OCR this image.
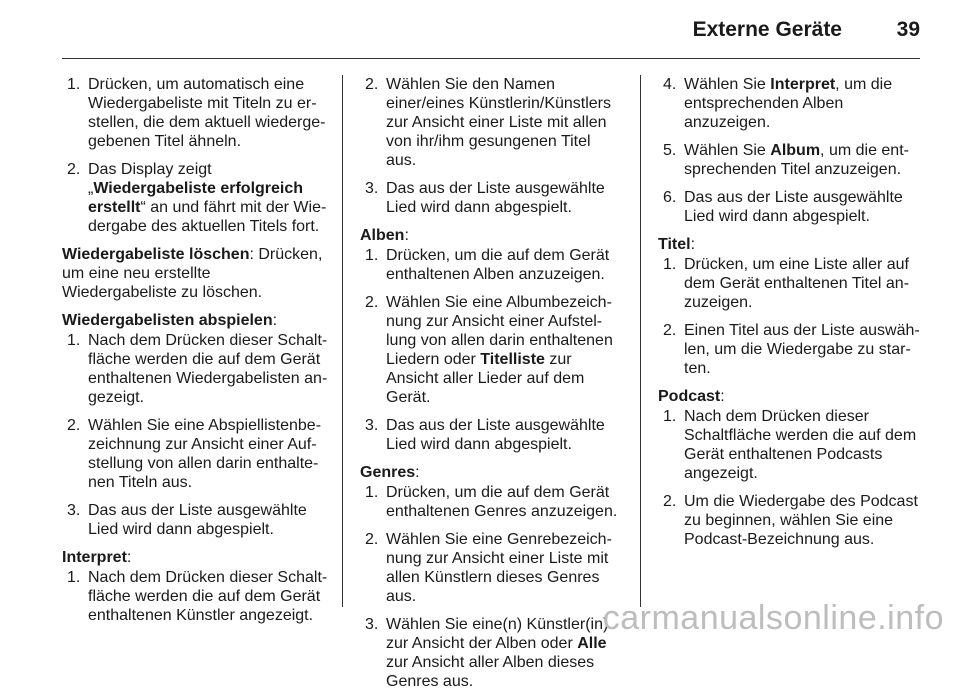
Externe Geräte	39
1. Drücken, um automatisch eine Wiedergabeliste mit Titeln zu erstellen, die dem aktuell wiedergegebenen Titel ähneln.
2. Das Display zeigt „Wiedergabeliste erfolgreich erstellt“ an und fährt mit der Wiedergabe des aktuellen Titels fort.
Wiedergabeliste löschen: Drücken, um eine neu erstellte Wiedergabeliste zu löschen.
Wiedergabelisten abspielen:
1. Nach dem Drücken dieser Schaltfläche werden die auf dem Gerät enthaltenen Wiedergabelisten angezeigt.
2. Wählen Sie eine Abspiellistenbezeichnung zur Ansicht einer Aufstellung von allen darin enthaltenen Titeln aus.
3. Das aus der Liste ausgewählte Lied wird dann abgespielt.
Interpret:
1. Nach dem Drücken dieser Schaltfläche werden die auf dem Gerät enthaltenen Künstler angezeigt.
2. Wählen Sie den Namen einer/eines Künstlerin/Künstlers zur Ansicht einer Liste mit allen von ihr/ihm gesungenen Titel aus.
3. Das aus der Liste ausgewählte Lied wird dann abgespielt.
Alben:
1. Drücken, um die auf dem Gerät enthaltenen Alben anzuzeigen.
2. Wählen Sie eine Albumbezeichnung zur Ansicht einer Aufstellung von allen darin enthaltenen Liedern oder Titelliste zur Ansicht aller Lieder auf dem Gerät.
3. Das aus der Liste ausgewählte Lied wird dann abgespielt.
Genres:
1. Drücken, um die auf dem Gerät enthaltenen Genres anzuzeigen.
2. Wählen Sie eine Genrebezeichnung zur Ansicht einer Liste mit allen Künstlern dieses Genres aus.
3. Wählen Sie eine(n) Künstler(in) zur Ansicht der Alben oder Alle zur Ansicht aller Alben dieses Genres aus.
4. Wählen Sie Interpret, um die entsprechenden Alben anzuzeigen.
5. Wählen Sie Album, um die entsprechenden Titel anzuzeigen.
6. Das aus der Liste ausgewählte Lied wird dann abgespielt.
Titel:
1. Drücken, um eine Liste aller auf dem Gerät enthaltenen Titel anzuzeigen.
2. Einen Titel aus der Liste auswählen, um die Wiedergabe zu starten.
Podcast:
1. Nach dem Drücken dieser Schaltfläche werden die auf dem Gerät enthaltenen Podcasts angezeigt.
2. Um die Wiedergabe des Podcast zu beginnen, wählen Sie eine Podcast-Bezeichnung aus.
carmanualsonline.info
